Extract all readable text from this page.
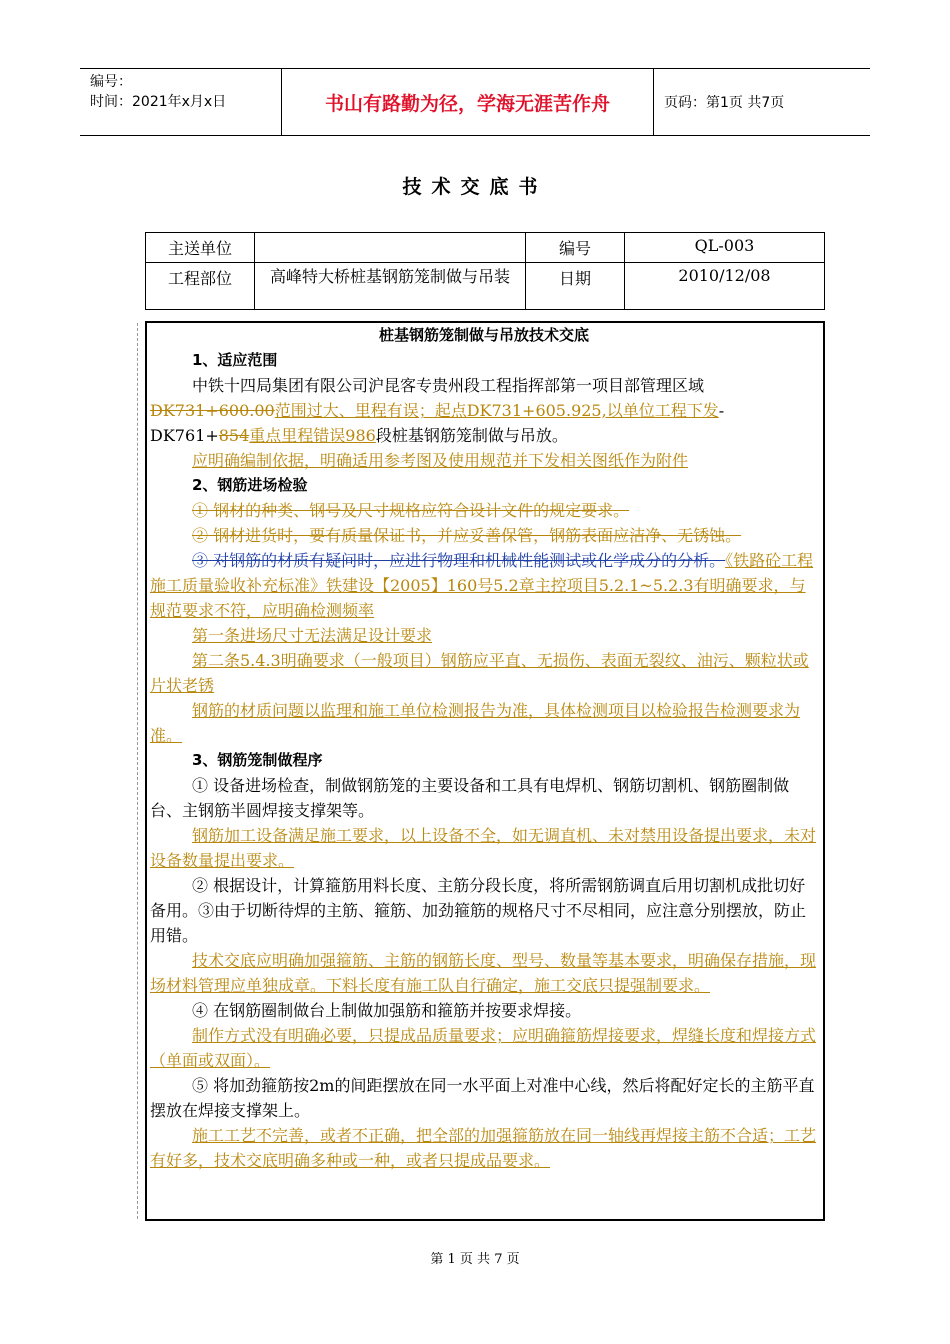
编号：
时间：2021年x月x日	书山有路勤为径，学海无涯苦作舟	页码：第1页 共7页
技术交底书
主送单位		编号	QL-003
工程部位	高峰特大桥桩基钢筋笼制做与吊装	日期	2010/12/08
桩基钢筋笼制做与吊放技术交底
1、适应范围

中铁十四局集团有限公司沪昆客专贵州段工程指挥部第一项目部管理区域DK731+600.00范围过大、里程有误；起点DK731+605.925,以单位工程下发-DK761+854重点里程错误986段桩基钢筋笼制做与吊放。

应明确编制依据，明确适用参考图及使用规范并下发相关图纸作为附件

2、钢筋进场检验

① 钢材的种类、钢号及尺寸规格应符合设计文件的规定要求。

② 钢材进货时，要有质量保证书，并应妥善保管，钢筋表面应洁净、无锈蚀。

③ 对钢筋的材质有疑问时，应进行物理和机械性能测试或化学成分的分析。《铁路砼工程施工质量验收补充标准》铁建设【2005】160号5.2章主控项目5.2.1~5.2.3有明确要求，与规范要求不符，应明确检测频率

第一条进场尺寸无法满足设计要求

第二条5.4.3明确要求（一般项目）钢筋应平直、无损伤、表面无裂纹、油污、颗粒状或片状老锈

钢筋的材质问题以监理和施工单位检测报告为准，具体检测项目以检验报告检测要求为准。

3、钢筋笼制做程序

① 设备进场检查，制做钢筋笼的主要设备和工具有电焊机、钢筋切割机、钢筋圈制做台、主钢筋半圆焊接支撑架等。

钢筋加工设备满足施工要求，以上设备不全，如无调直机、未对禁用设备提出要求，未对设备数量提出要求。

② 根据设计，计算箍筋用料长度、主筋分段长度，将所需钢筋调直后用切割机成批切好备用。③由于切断待焊的主筋、箍筋、加劲箍筋的规格尺寸不尽相同，应注意分别摆放，防止用错。

技术交底应明确加强箍筋、主筋的钢筋长度、型号、数量等基本要求，明确保存措施，现场材料管理应单独成章。下料长度有施工队自行确定，施工交底只提强制要求。

④ 在钢筋圈制做台上制做加强筋和箍筋并按要求焊接。

制作方式没有明确必要，只提成品质量要求；应明确箍筋焊接要求，焊缝长度和焊接方式（单面或双面）。

⑤ 将加劲箍筋按2m的间距摆放在同一水平面上对准中心线，然后将配好定长的主筋平直摆放在焊接支撑架上。

施工工艺不完善，或者不正确，把全部的加强箍筋放在同一轴线再焊接主筋不合适；工艺有好多，技术交底明确多种或一种，或者只提成品要求。

第 1 页 共 7 页
